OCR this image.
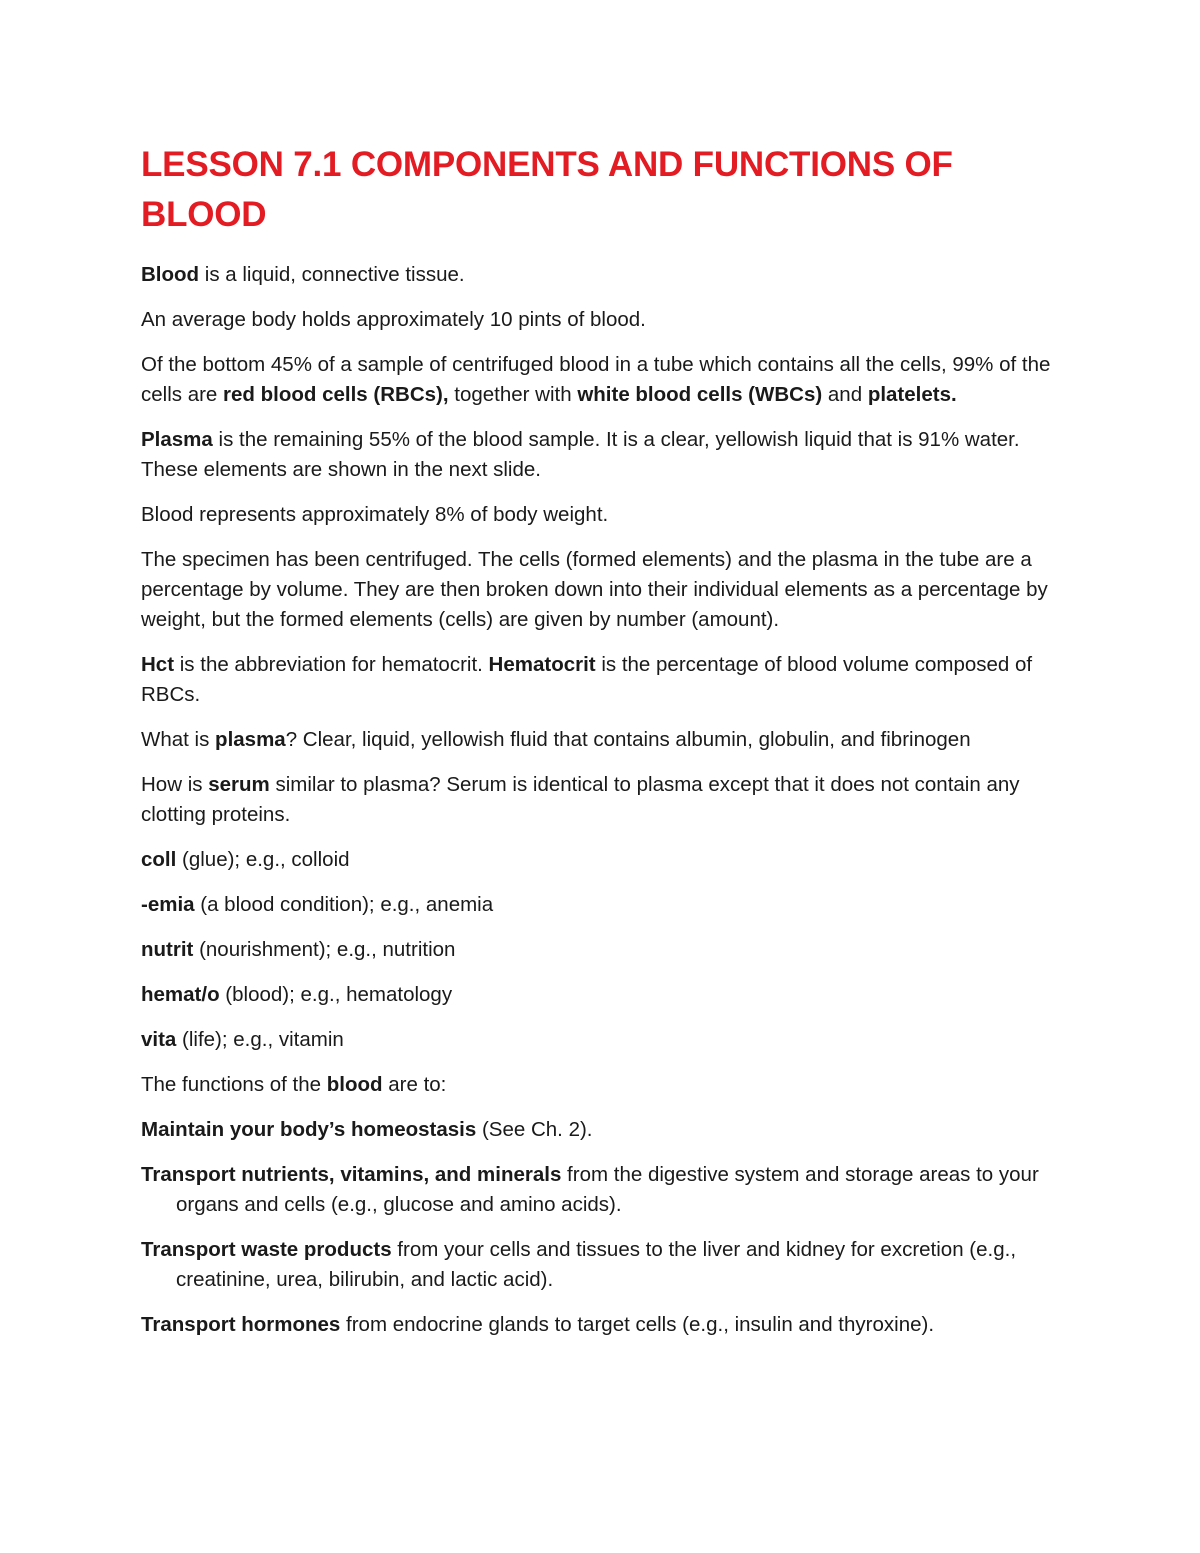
LESSON 7.1 COMPONENTS AND FUNCTIONS OF BLOOD

Blood is a liquid, connective tissue.

An average body holds approximately 10 pints of blood.

Of the bottom 45% of a sample of centrifuged blood in a tube which contains all the cells, 99% of the cells are red blood cells (RBCs), together with white blood cells (WBCs) and platelets.

Plasma is the remaining 55% of the blood sample. It is a clear, yellowish liquid that is 91% water. These elements are shown in the next slide.

Blood represents approximately 8% of body weight.

The specimen has been centrifuged. The cells (formed elements) and the plasma in the tube are a percentage by volume. They are then broken down into their individual elements as a percentage by weight, but the formed elements (cells) are given by number (amount).

Hct is the abbreviation for hematocrit. Hematocrit is the percentage of blood volume composed of RBCs.

What is plasma? Clear, liquid, yellowish fluid that contains albumin, globulin, and fibrinogen

How is serum similar to plasma? Serum is identical to plasma except that it does not contain any clotting proteins.

coll (glue); e.g., colloid

-emia (a blood condition); e.g., anemia

nutrit (nourishment); e.g., nutrition

hemat/o (blood); e.g., hematology

vita (life); e.g., vitamin

The functions of the blood are to:

Maintain your body’s homeostasis (See Ch. 2).

Transport nutrients, vitamins, and minerals from the digestive system and storage areas to your organs and cells (e.g., glucose and amino acids).

Transport waste products from your cells and tissues to the liver and kidney for excretion (e.g., creatinine, urea, bilirubin, and lactic acid).

Transport hormones from endocrine glands to target cells (e.g., insulin and thyroxine).
